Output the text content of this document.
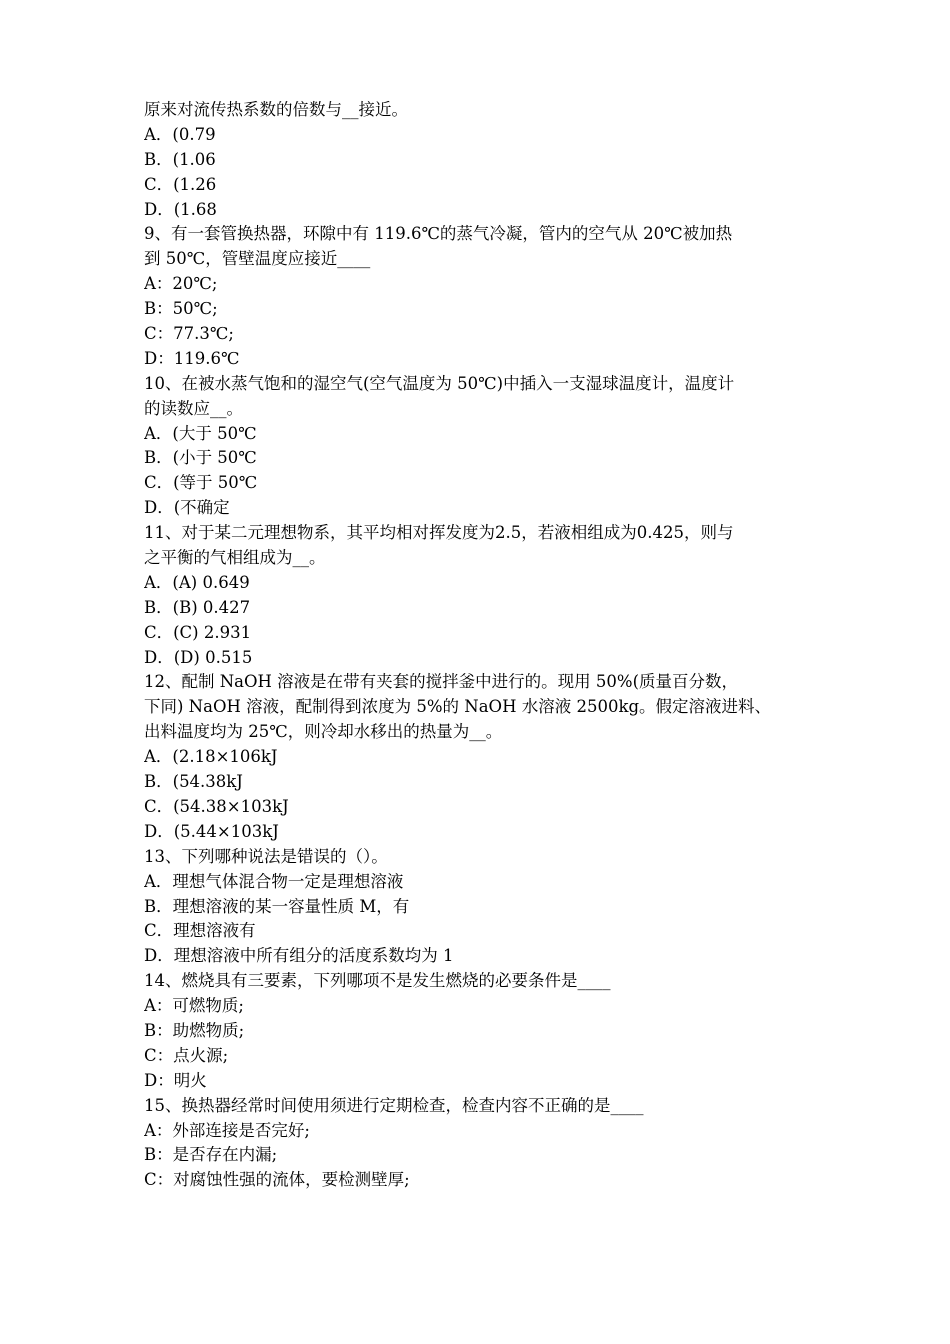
原来对流传热系数的倍数与__接近。
A．(0.79
B．(1.06
C．(1.26
D．(1.68
9、有一套管换热器，环隙中有 119.6℃的蒸气冷凝，管内的空气从 20℃被加热
到 50℃，管壁温度应接近____
A：20℃;
B：50℃;
C：77.3℃;
D：119.6℃
10、在被水蒸气饱和的湿空气(空气温度为 50℃)中插入一支湿球温度计，温度计
的读数应__。
A．(大于 50℃
B．(小于 50℃
C．(等于 50℃
D．(不确定
11、对于某二元理想物系，其平均相对挥发度为2.5，若液相组成为0.425，则与
之平衡的气相组成为__。
A．(A) 0.649
B．(B) 0.427
C．(C) 2.931
D．(D) 0.515
12、配制 NaOH 溶液是在带有夹套的搅拌釜中进行的。现用 50%(质量百分数，
下同) NaOH 溶液，配制得到浓度为 5%的 NaOH 水溶液 2500kg。假定溶液进料、
出料温度均为 25℃，则冷却水移出的热量为__。
A．(2.18×106kJ
B．(54.38kJ
C．(54.38×103kJ
D．(5.44×103kJ
13、下列哪种说法是错误的（）。
A．理想气体混合物一定是理想溶液
B．理想溶液的某一容量性质 M，有
C．理想溶液有
D．理想溶液中所有组分的活度系数均为 1
14、燃烧具有三要素，下列哪项不是发生燃烧的必要条件是____
A：可燃物质;
B：助燃物质;
C：点火源;
D：明火
15、换热器经常时间使用须进行定期检查，检查内容不正确的是____
A：外部连接是否完好;
B：是否存在内漏;
C：对腐蚀性强的流体，要检测壁厚;
